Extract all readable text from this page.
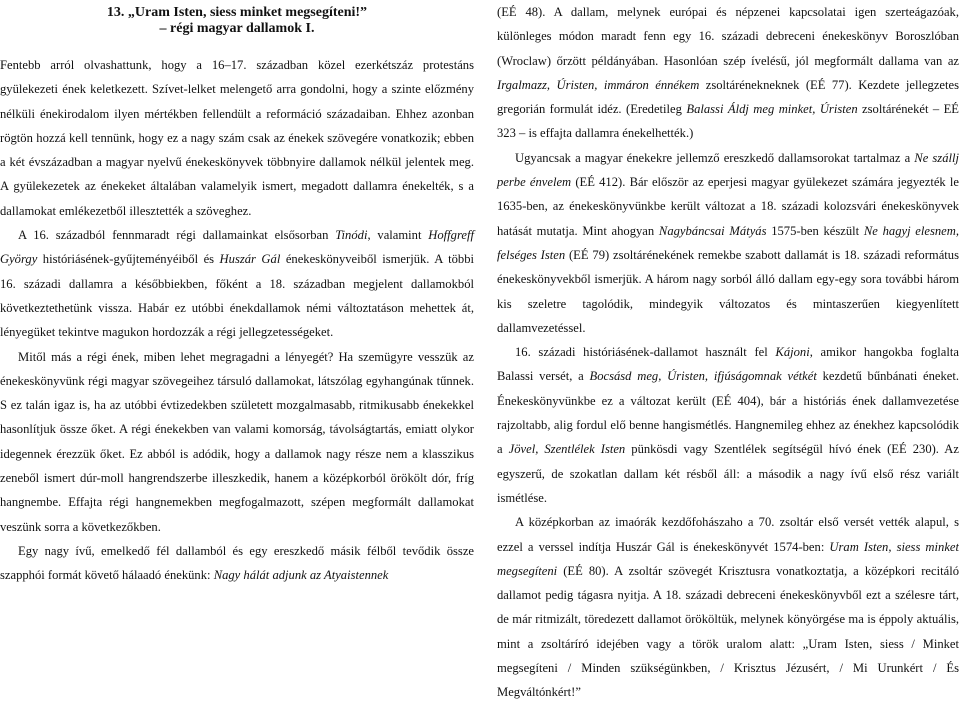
13. „Uram Isten, siess minket megsegíteni!”
– régi magyar dallamok I.

Fentebb arról olvashattunk, hogy a 16–17. században közel ezerkétszáz protestáns gyülekezeti ének keletkezett. Szívet-lelket melengető arra gondolni, hogy a szinte előzmény nélküli énekirodalom ilyen mértékben fellendült a reformáció századaiban. Ehhez azonban rögtön hozzá kell tennünk, hogy ez a nagy szám csak az énekek szövegére vonatkozik; ebben a két évszázadban a magyar nyelvű énekeskönyvek többnyire dallamok nélkül jelentek meg. A gyülekezetek az énekeket általában valamelyik ismert, megadott dallamra énekelték, s a dallamokat emlékezetből illesztették a szöveghez.

A 16. századból fennmaradt régi dallamainkat elsősorban Tinódi, valamint Hoffgreff György históriásének-gyűjteményéiből és Huszár Gál énekeskönyveiből ismerjük. A többi 16. századi dallamra a későbbiekben, főként a 18. században megjelent dallamokból következtethetünk vissza. Habár ez utóbbi énekdallamok némi változtatáson mehettek át, lényegüket tekintve magukon hordozzák a régi jellegzetességeket.

Mitől más a régi ének, miben lehet megragadni a lényegét? Ha szemügyre vesszük az énekeskönyvünk régi magyar szövegeihez társuló dallamokat, látszólag egyhangúnak tűnnek. S ez talán igaz is, ha az utóbbi évtizedekben született mozgalmasabb, ritmikusabb énekekkel hasonlítjuk össze őket. A régi énekekben van valami komorság, távolságtartás, emiatt olykor idegennek érezzük őket. Ez abból is adódik, hogy a dallamok nagy része nem a klasszikus zeneből ismert dúr-moll hangrendszerbe illeszkedik, hanem a középkorból örökölt dór, fríg hangnembe. Effajta régi hangnemekben megfogalmazott, szépen megformált dallamokat veszünk sorra a következőkben.

Egy nagy ívű, emelkedő fél dallamból és egy ereszkedő másik félből tevődik össze szapphói formát követő hálaadó énekünk: Nagy hálát adjunk az Atyaistennek

(EÉ 48). A dallam, melynek európai és népzenei kapcsolatai igen szerteágazóak, különleges módon maradt fenn egy 16. századi debreceni énekeskönyv Boroszlóban (Wroclaw) őrzött példányában. Hasonlóan szép ívelésű, jól megformált dallama van az Irgalmazz, Úristen, immáron énnékem zsoltárénekneknek (EÉ 77). Kezdete jellegzetes gregorián formulát idéz. (Eredetileg Balassi Áldj meg minket, Úristen zsoltárénekét – EÉ 323 – is effajta dallamra énekelhették.)

Ugyancsak a magyar énekekre jellemző ereszkedő dallamsorokat tartalmaz a Ne szállj perbe énvelem (EÉ 412). Bár először az eperjesi magyar gyülekezet számára jegyezték le 1635-ben, az énekeskönyvünkbe került változat a 18. századi kolozsvári énekeskönyvek hatását mutatja. Mint ahogyan Nagybáncsai Mátyás 1575-ben készült Ne hagyj elesnem, felséges Isten (EÉ 79) zsoltárénekének remekbe szabott dallamát is 18. századi református énekeskönyvekből ismerjük. A három nagy sorból álló dallam egy-egy sora további három kis szeletre tagolódik, mindegyik változatos és mintaszerűen kiegyenlített dallamvezetéssel.

16. századi históriásének-dallamot használt fel Kájoni, amikor hangokba foglalta Balassi versét, a Bocsásd meg, Úristen, ifjúságomnak vétkét kezdetű bűnbánati éneket. Énekeskönyvünkbe ez a változat került (EÉ 404), bár a históriás ének dallamvezetése rajzoltabb, alig fordul elő benne hangismétlés. Hangnemileg ehhez az énekhez kapcsolódik a Jövel, Szentlélek Isten pünkösdi vagy Szentlélek segítségül hívó ének (EÉ 230). Az egyszerű, de szokatlan dallam két résből áll: a második a nagy ívű első rész variált ismétlése.

A középkorban az imaórák kezdőfohászaho a 70. zsoltár első versét vették alapul, s ezzel a verssel indítja Huszár Gál is énekeskönyvét 1574-ben: Uram Isten, siess minket megsegíteni (EÉ 80). A zsoltár szövegét Krisztusra vonatkoztatja, a középkori recitáló dallamot pedig tágasra nyitja. A 18. századi debreceni énekeskönyvből ezt a szélesre tárt, de már ritmizált, töredezett dallamot örököltük, melynek könyörgése ma is éppoly aktuális, mint a zsoltáríró idejében vagy a török uralom alatt: „Uram Isten, siess / Minket megsegíteni / Minden szükségünkben, / Krisztus Jézusért, / Mi Urunkért / És Megváltónkért!”
